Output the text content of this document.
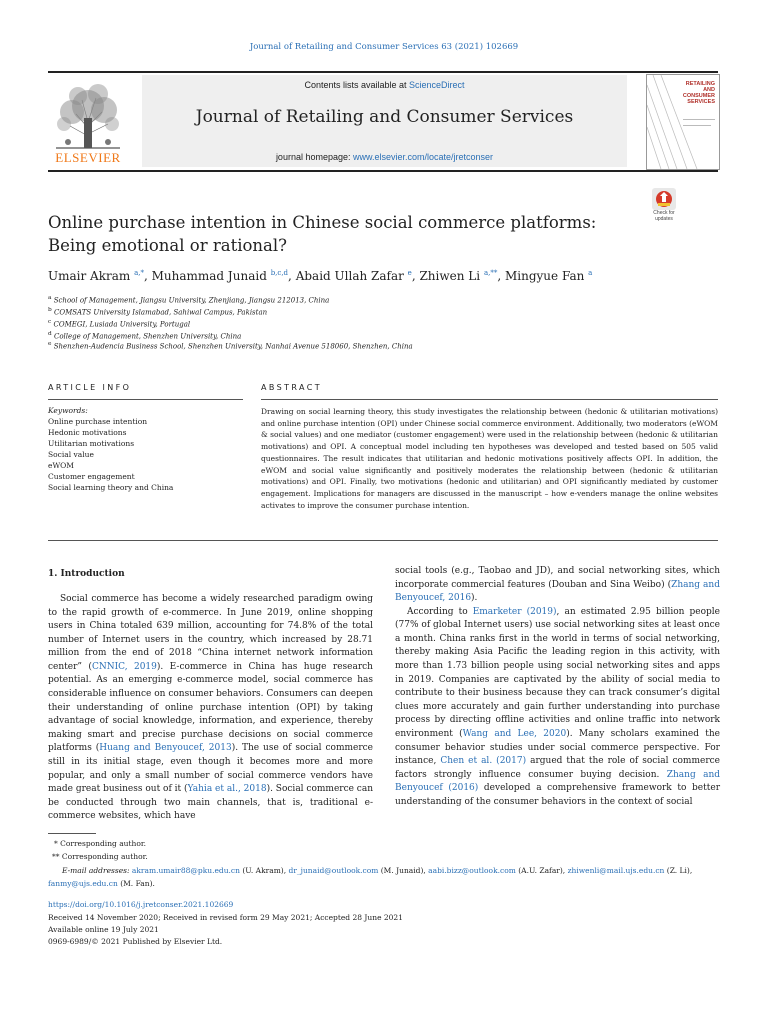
Journal of Retailing and Consumer Services 63 (2021) 102669
ELSEVIER
Contents lists available at ScienceDirect
Journal of Retailing and Consumer Services
journal homepage: www.elsevier.com/locate/jretconser
RETAILING AND CONSUMER SERVICES
Check for updates
Online purchase intention in Chinese social commerce platforms: Being emotional or rational?
Umair Akram $^{a,*}$, Muhammad Junaid $^{b,c,d}$, Abaid Ullah Zafar $^e$, Zhiwen Li $^{a,**}$, Mingyue Fan $^a$
$^a$ School of Management, Jiangsu University, Zhenjiang, Jiangsu 212013, China
$^b$ COMSATS University Islamabad, Sahiwal Campus, Pakistan
$^c$ COMEGI, Lusiada University, Portugal
$^d$ College of Management, Shenzhen University, China
$^e$ Shenzhen-Audencia Business School, Shenzhen University, Nanhai Avenue 518060, Shenzhen, China
ARTICLE INFO	ABSTRACT
Keywords:
Online purchase intention
Hedonic motivations
Utilitarian motivations
Social value
eWOM
Customer engagement
Social learning theory and China
Drawing on social learning theory, this study investigates the relationship between (hedonic & utilitarian motivations) and online purchase intention (OPI) under Chinese social commerce environment. Additionally, two moderators (eWOM & social values) and one mediator (customer engagement) were used in the relationship between (hedonic & utilitarian motivations) and OPI. A conceptual model including ten hypotheses was developed and tested based on 505 valid questionnaires. The result indicates that utilitarian and hedonic motivations positively affects OPI. In addition, the eWOM and social value significantly and positively moderates the relationship between (hedonic & utilitarian motivations) and OPI. Finally, two motivations (hedonic and utilitarian) and OPI significantly mediated by customer engagement. Implications for managers are discussed in the manuscript – how e-venders manage the online websites activates to improve the consumer purchase intention.
1. Introduction

Social commerce has become a widely researched paradigm owing to the rapid growth of e-commerce. In June 2019, online shopping users in China totaled 639 million, accounting for 74.8% of the total number of Internet users in the country, which increased by 28.71 million from the end of 2018 “China internet network information center” (CNNIC, 2019). E-commerce in China has huge research potential. As an emerging e-commerce model, social commerce has considerable influence on consumer behaviors. Consumers can deepen their understanding of online purchase intention (OPI) by taking advantage of social knowledge, information, and experience, thereby making smart and precise purchase decisions on social commerce platforms (Huang and Benyoucef, 2013). The use of social commerce still in its initial stage, even though it becomes more and more popular, and only a small number of social commerce vendors have made great business out of it (Yahia et al., 2018). Social commerce can be conducted through two main channels, that is, traditional e-commerce websites, which have

social tools (e.g., Taobao and JD), and social networking sites, which incorporate commercial features (Douban and Sina Weibo) (Zhang and Benyoucef, 2016).

According to Emarketer (2019), an estimated 2.95 billion people (77% of global Internet users) use social networking sites at least once a month. China ranks first in the world in terms of social networking, thereby making Asia Pacific the leading region in this activity, with more than 1.73 billion people using social networking sites and apps in 2019. Companies are captivated by the ability of social media to contribute to their business because they can track consumer’s digital clues more accurately and gain further understanding into purchase process by directing offline activities and online traffic into network environment (Wang and Lee, 2020). Many scholars examined the consumer behavior studies under social commerce perspective. For instance, Chen et al. (2017) argued that the role of social commerce factors strongly influence consumer buying decision. Zhang and Benyoucef (2016) developed a comprehensive framework to better understanding of the consumer behaviors in the context of social

* Corresponding author.
** Corresponding author.
E-mail addresses: akram.umair88@pku.edu.cn (U. Akram), dr_junaid@outlook.com (M. Junaid), aabi.bizz@outlook.com (A.U. Zafar), zhiwenli@mail.ujs.edu.cn (Z. Li), fanmy@ujs.edu.cn (M. Fan).
https://doi.org/10.1016/j.jretconser.2021.102669
Received 14 November 2020; Received in revised form 29 May 2021; Accepted 28 June 2021
Available online 19 July 2021
0969-6989/© 2021 Published by Elsevier Ltd.
